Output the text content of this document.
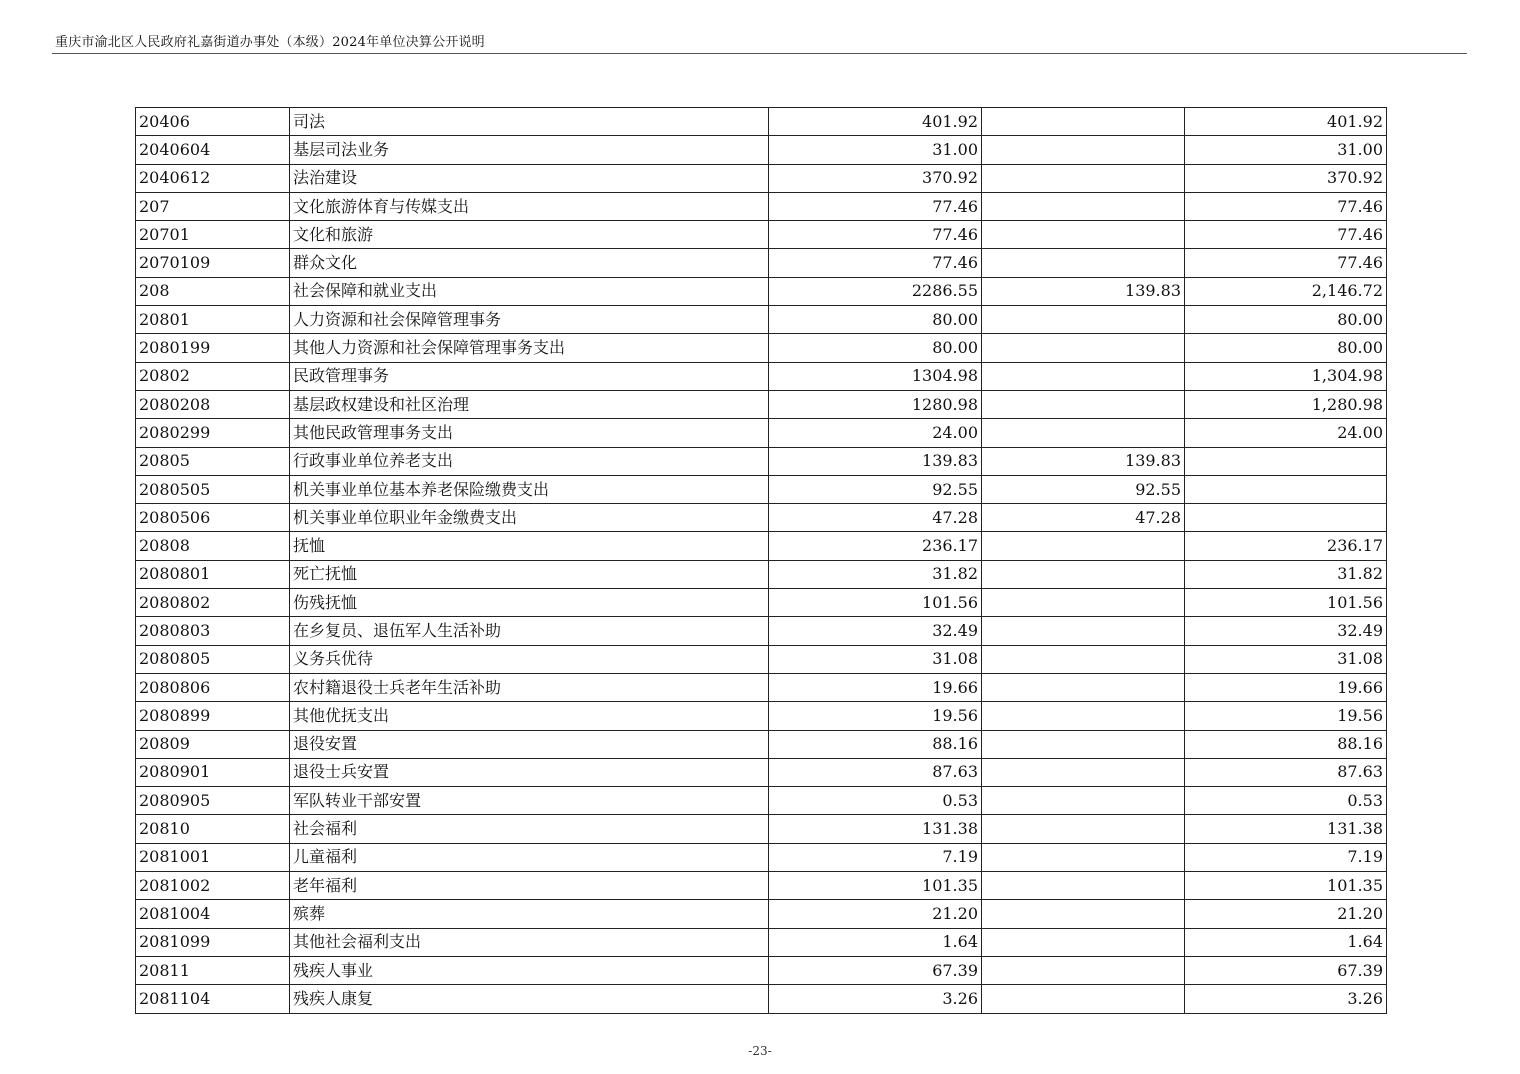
重庆市渝北区人民政府礼嘉街道办事处（本级）2024年单位决算公开说明
20406	司法	401.92		401.92
2040604	基层司法业务	31.00		31.00
2040612	法治建设	370.92		370.92
207	文化旅游体育与传媒支出	77.46		77.46
20701	文化和旅游	77.46		77.46
2070109	群众文化	77.46		77.46
208	社会保障和就业支出	2286.55	139.83	2,146.72
20801	人力资源和社会保障管理事务	80.00		80.00
2080199	其他人力资源和社会保障管理事务支出	80.00		80.00
20802	民政管理事务	1304.98		1,304.98
2080208	基层政权建设和社区治理	1280.98		1,280.98
2080299	其他民政管理事务支出	24.00		24.00
20805	行政事业单位养老支出	139.83	139.83	
2080505	机关事业单位基本养老保险缴费支出	92.55	92.55	
2080506	机关事业单位职业年金缴费支出	47.28	47.28	
20808	抚恤	236.17		236.17
2080801	死亡抚恤	31.82		31.82
2080802	伤残抚恤	101.56		101.56
2080803	在乡复员、退伍军人生活补助	32.49		32.49
2080805	义务兵优待	31.08		31.08
2080806	农村籍退役士兵老年生活补助	19.66		19.66
2080899	其他优抚支出	19.56		19.56
20809	退役安置	88.16		88.16
2080901	退役士兵安置	87.63		87.63
2080905	军队转业干部安置	0.53		0.53
20810	社会福利	131.38		131.38
2081001	儿童福利	7.19		7.19
2081002	老年福利	101.35		101.35
2081004	殡葬	21.20		21.20
2081099	其他社会福利支出	1.64		1.64
20811	残疾人事业	67.39		67.39
2081104	残疾人康复	3.26		3.26
-23-
